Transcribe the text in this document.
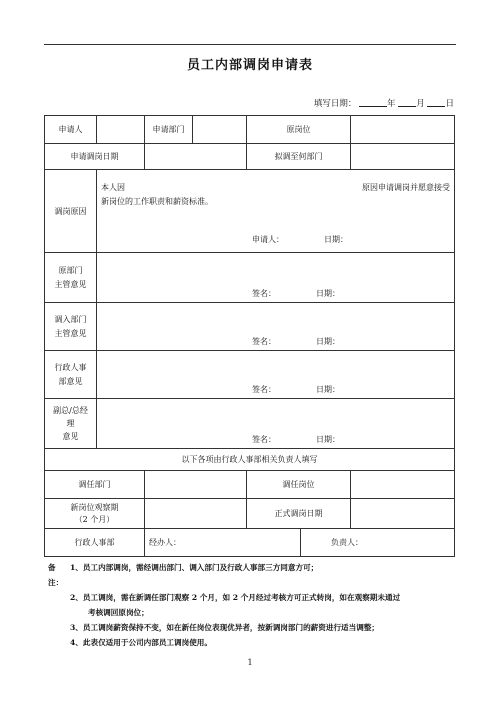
员工内部调岗申请表
填写日期：	年 月 日
申请人		申请部门		原岗位		
申请调岗日期				拟调至何部门		
调岗原因	本人因 原因申请调岗并愿意接受
新岗位的工作职责和薪资标准。
申请人： 日期：					

原部门
主管意见	签名： 日期：					

调入部门
主管意见	签名： 日期：					

行政人事
部意见	签名： 日期：					

副总/总经
理
意见	签名： 日期：					

以下各项由行政人事部相关负责人填写						
调任部门				调任岗位		

新岗位观察期
（2 个月）				正式调岗日期		
行政人事部		经办人：			负责人：	
备注：
1、员工内部调岗，需经调出部门、调入部门及行政人事部三方同意方可；
2、员工调岗，需在新调任部门观察 2 个月，如 2 个月经过考核方可正式转岗，如在观察期未通过
考核调回原岗位；
3、员工调岗薪资保持不变，如在新任岗位表现优异者，按新调岗部门的薪资进行适当调整；
4、此表仅适用于公司内部员工调岗使用。
1
